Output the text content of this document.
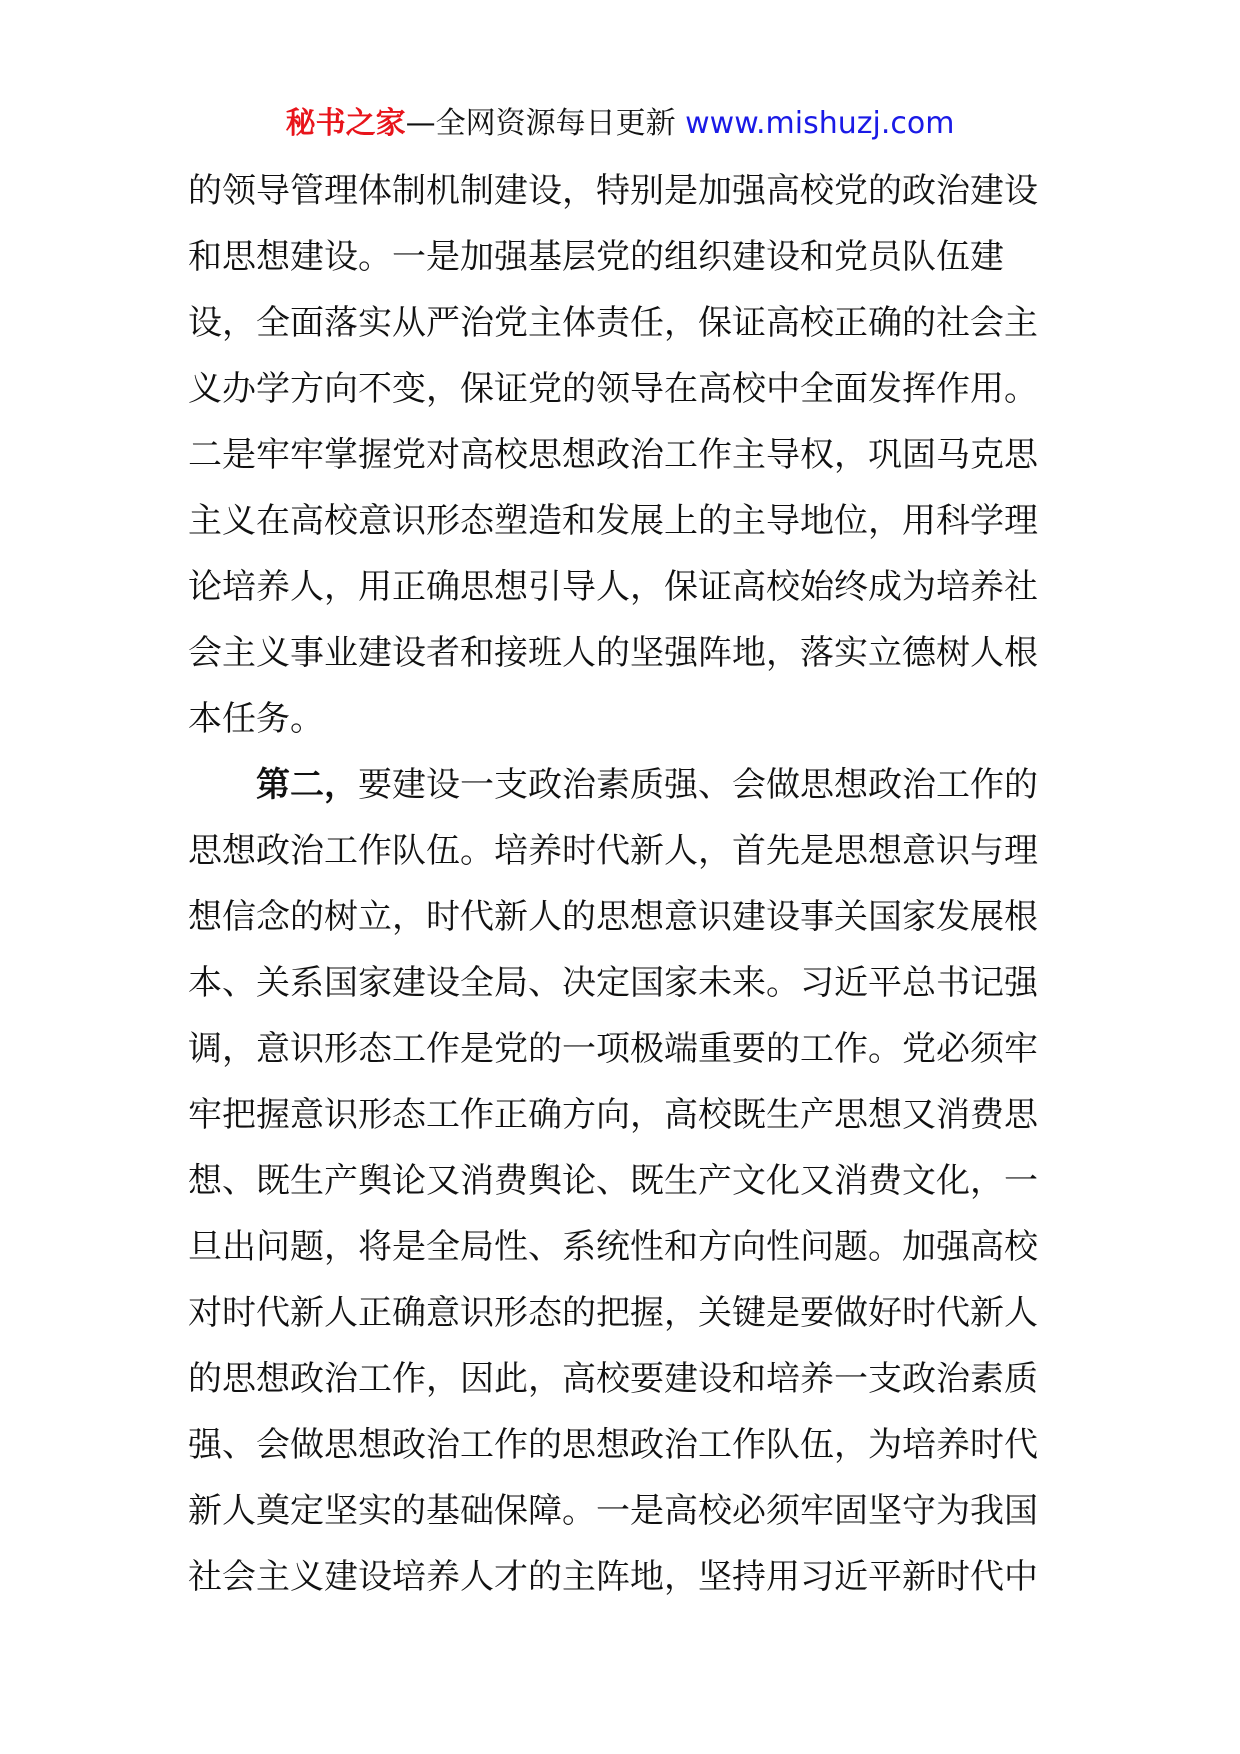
秘书之家—全网资源每日更新 www.mishuzj.com
的领导管理体制机制建设，特别是加强高校党的政治建设
和思想建设。一是加强基层党的组织建设和党员队伍建
设，全面落实从严治党主体责任，保证高校正确的社会主
义办学方向不变，保证党的领导在高校中全面发挥作用。
二是牢牢掌握党对高校思想政治工作主导权，巩固马克思
主义在高校意识形态塑造和发展上的主导地位，用科学理
论培养人，用正确思想引导人，保证高校始终成为培养社
会主义事业建设者和接班人的坚强阵地，落实立德树人根
本任务。
第二，要建设一支政治素质强、会做思想政治工作的
思想政治工作队伍。培养时代新人，首先是思想意识与理
想信念的树立，时代新人的思想意识建设事关国家发展根
本、关系国家建设全局、决定国家未来。习近平总书记强
调，意识形态工作是党的一项极端重要的工作。党必须牢
牢把握意识形态工作正确方向，高校既生产思想又消费思
想、既生产舆论又消费舆论、既生产文化又消费文化，一
旦出问题，将是全局性、系统性和方向性问题。加强高校
对时代新人正确意识形态的把握，关键是要做好时代新人
的思想政治工作，因此，高校要建设和培养一支政治素质
强、会做思想政治工作的思想政治工作队伍，为培养时代
新人奠定坚实的基础保障。一是高校必须牢固坚守为我国
社会主义建设培养人才的主阵地，坚持用习近平新时代中
